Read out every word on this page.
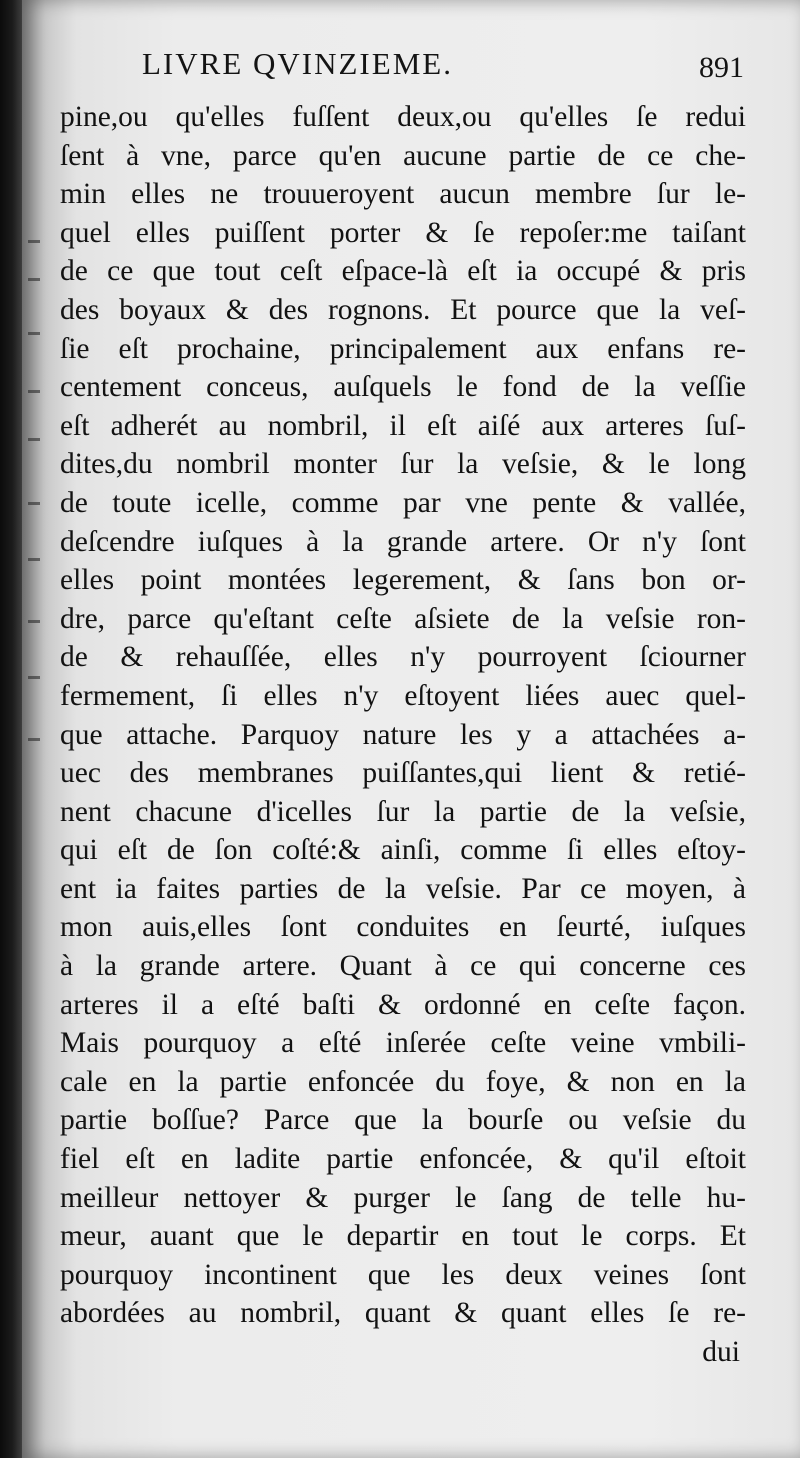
LIVRE QVINZIEME.	891
pine,ou qu'elles fuſſent deux,ou qu'elles ſe redui
ſent à vne, parce qu'en aucune partie de ce che-
min elles ne trouueroyent aucun membre ſur le-
quel elles puiſſent porter & ſe repoſer:me taiſant
de ce que tout ceſt eſpace-là eſt ia occupé & pris
des boyaux & des rognons. Et pource que la veſ-
ſie eſt prochaine, principalement aux enfans re-
centement conceus, auſquels le fond de la veſſie
eſt adherét au nombril, il eſt aiſé aux arteres ſuſ-
dites,du nombril monter ſur la veſsie, & le long
de toute icelle, comme par vne pente & vallée,
deſcendre iuſques à la grande artere. Or n'y ſont
elles point montées legerement, & ſans bon or-
dre, parce qu'eſtant ceſte aſsiete de la veſsie ron-
de & rehauſſée, elles n'y pourroyent ſciourner
fermement, ſi elles n'y eſtoyent liées auec quel-
que attache. Parquoy nature les y a attachées a-
uec des membranes puiſſantes,qui lient & retié-
nent chacune d'icelles ſur la partie de la veſsie,
qui eſt de ſon coſté:& ainſi, comme ſi elles eſtoy-
ent ia faites parties de la veſsie. Par ce moyen, à
mon auis,elles ſont conduites en ſeurté, iuſques
à la grande artere. Quant à ce qui concerne ces
arteres il a eſté baſti & ordonné en ceſte façon.
Mais pourquoy a eſté inſerée ceſte veine vmbili-
cale en la partie enfoncée du foye, & non en la
partie boſſue? Parce que la bourſe ou veſsie du
fiel eſt en ladite partie enfoncée, & qu'il eſtoit
meilleur nettoyer & purger le ſang de telle hu-
meur, auant que le departir en tout le corps. Et
pourquoy incontinent que les deux veines ſont
abordées au nombril, quant & quant elles ſe re-
dui
